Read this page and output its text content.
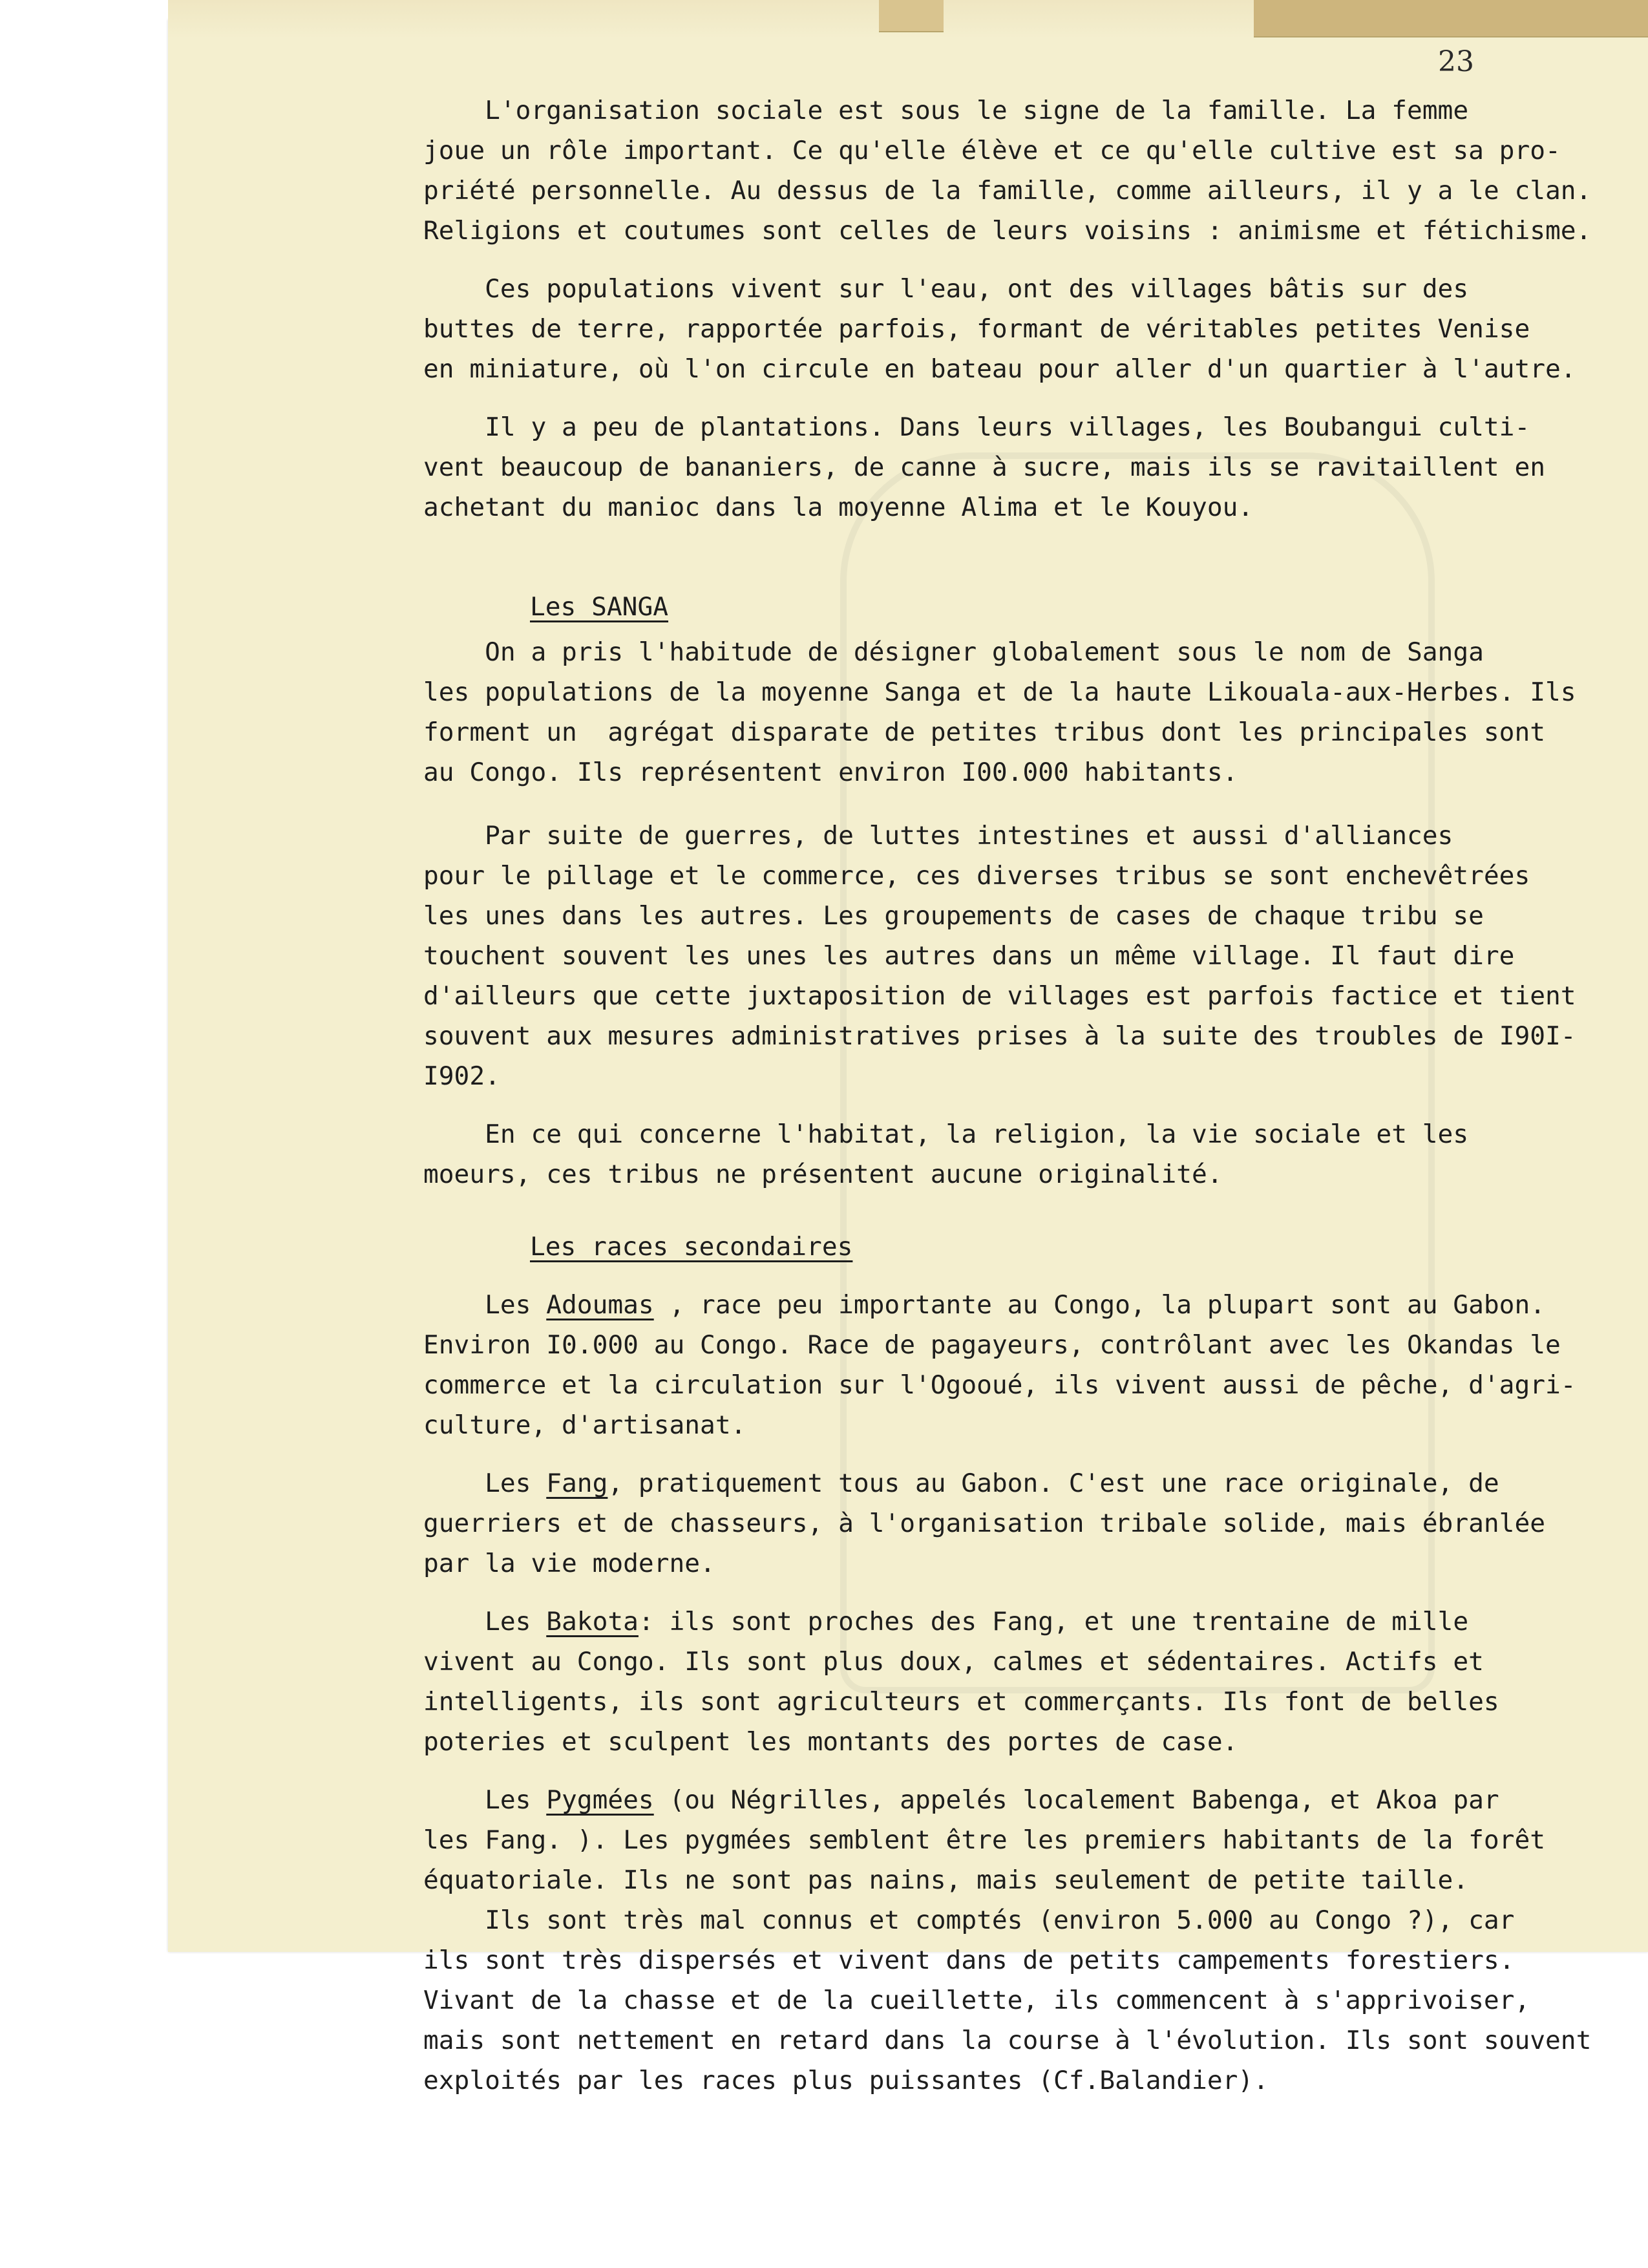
23
L'organisation sociale est sous le signe de la famille. La femme
joue un rôle important. Ce qu'elle élève et ce qu'elle cultive est sa pro-
priété personnelle. Au dessus de la famille, comme ailleurs, il y a le clan.
Religions et coutumes sont celles de leurs voisins : animisme et fétichisme.
Ces populations vivent sur l'eau, ont des villages bâtis sur des
buttes de terre, rapportée parfois, formant de véritables petites Venise
en miniature, où l'on circule en bateau pour aller d'un quartier à l'autre.
Il y a peu de plantations. Dans leurs villages, les Boubangui culti-
vent beaucoup de bananiers, de canne à sucre, mais ils se ravitaillent en
achetant du manioc dans la moyenne Alima et le Kouyou.
Les SANGA
On a pris l'habitude de désigner globalement sous le nom de Sanga
les populations de la moyenne Sanga et de la haute Likouala-aux-Herbes. Ils
forment un  agrégat disparate de petites tribus dont les principales sont
au Congo. Ils représentent environ I00.000 habitants.
Par suite de guerres, de luttes intestines et aussi d'alliances
pour le pillage et le commerce, ces diverses tribus se sont enchevêtrées
les unes dans les autres. Les groupements de cases de chaque tribu se
touchent souvent les unes les autres dans un même village. Il faut dire
d'ailleurs que cette juxtaposition de villages est parfois factice et tient
souvent aux mesures administratives prises à la suite des troubles de I90I-
I902.
En ce qui concerne l'habitat, la religion, la vie sociale et les
moeurs, ces tribus ne présentent aucune originalité.
Les races secondaires
Les Adoumas , race peu importante au Congo, la plupart sont au Gabon.
Environ I0.000 au Congo. Race de pagayeurs, contrôlant avec les Okandas le
commerce et la circulation sur l'Ogooué, ils vivent aussi de pêche, d'agri-
culture, d'artisanat.
Les Fang, pratiquement tous au Gabon. C'est une race originale, de
guerriers et de chasseurs, à l'organisation tribale solide, mais ébranlée
par la vie moderne.
Les Bakota: ils sont proches des Fang, et une trentaine de mille
vivent au Congo. Ils sont plus doux, calmes et sédentaires. Actifs et
intelligents, ils sont agriculteurs et commerçants. Ils font de belles
poteries et sculpent les montants des portes de case.
Les Pygmées (ou Négrilles, appelés localement Babenga, et Akoa par
les Fang. ). Les pygmées semblent être les premiers habitants de la forêt
équatoriale. Ils ne sont pas nains, mais seulement de petite taille.
Ils sont très mal connus et comptés (environ 5.000 au Congo ?), car
ils sont très dispersés et vivent dans de petits campements forestiers.
Vivant de la chasse et de la cueillette, ils commencent à s'apprivoiser,
mais sont nettement en retard dans la course à l'évolution. Ils sont souvent
exploités par les races plus puissantes (Cf.Balandier).
